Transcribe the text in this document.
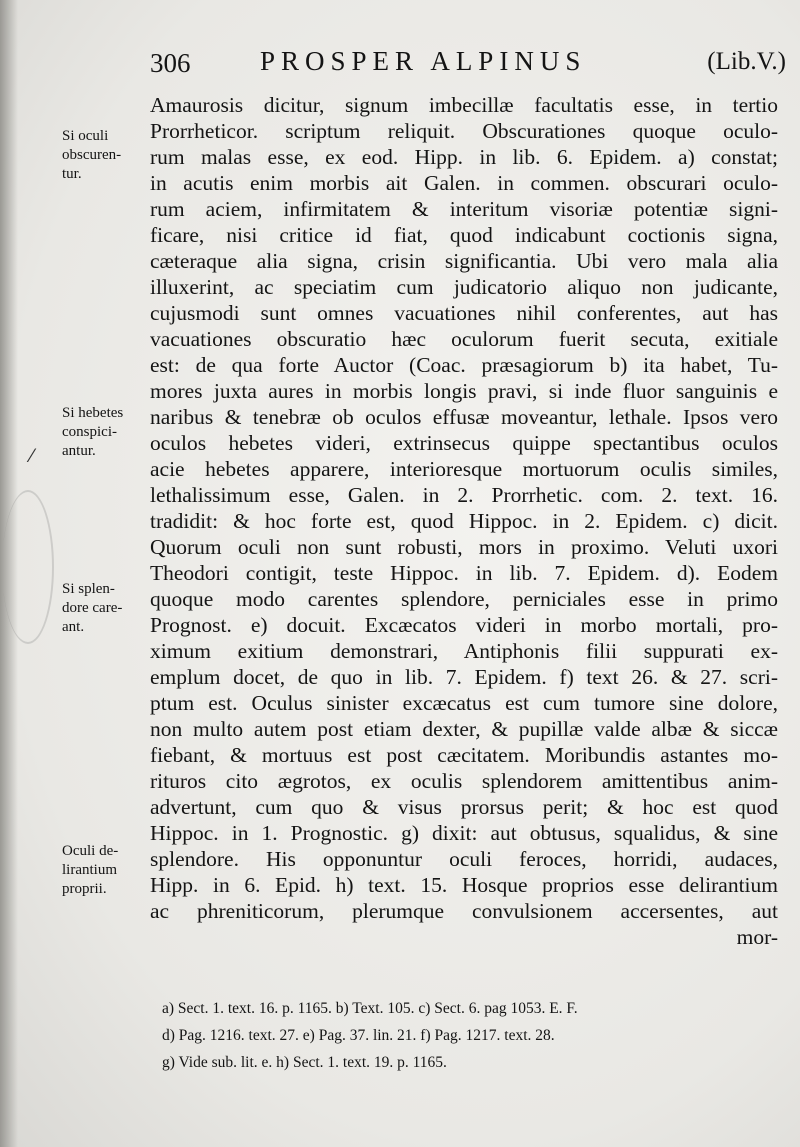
⁄
306	PROSPER ALPINUS	(Lib.V.)
Si oculi
obscuren-
tur.
Si hebetes
conspici-
antur.
Si splen-
dore care-
ant.
Oculi de-
lirantium
proprii.
Amaurosis dicitur, signum imbecillæ facultatis esse, in tertio
Prorrheticor. scriptum reliquit. Obscurationes quoque oculo-
rum malas esse, ex eod. Hipp. in lib. 6. Epidem. a) constat;
in acutis enim morbis ait Galen. in commen. obscurari oculo-
rum aciem, infirmitatem & interitum visoriæ potentiæ signi-
ficare, nisi critice id fiat, quod indicabunt coctionis signa,
cæteraque alia signa, crisin significantia. Ubi vero mala alia
illuxerint, ac speciatim cum judicatorio aliquo non judicante,
cujusmodi sunt omnes vacuationes nihil conferentes, aut has
vacuationes obscuratio hæc oculorum fuerit secuta, exitiale
est: de qua forte Auctor (Coac. præsagiorum b) ita habet, Tu-
mores juxta aures in morbis longis pravi, si inde fluor sanguinis e
naribus & tenebræ ob oculos effusæ moveantur, lethale. Ipsos vero
oculos hebetes videri, extrinsecus quippe spectantibus oculos
acie hebetes apparere, interioresque mortuorum oculis similes,
lethalissimum esse, Galen. in 2. Prorrhetic. com. 2. text. 16.
tradidit: & hoc forte est, quod Hippoc. in 2. Epidem. c) dicit.
Quorum oculi non sunt robusti, mors in proximo. Veluti uxori
Theodori contigit, teste Hippoc. in lib. 7. Epidem. d). Eodem
quoque modo carentes splendore, perniciales esse in primo
Prognost. e) docuit. Excæcatos videri in morbo mortali, pro-
ximum exitium demonstrari, Antiphonis filii suppurati ex-
emplum docet, de quo in lib. 7. Epidem. f) text 26. & 27. scri-
ptum est. Oculus sinister excæcatus est cum tumore sine dolore,
non multo autem post etiam dexter, & pupillæ valde albæ & siccæ
fiebant, & mortuus est post cæcitatem. Moribundis astantes mo-
rituros cito ægrotos, ex oculis splendorem amittentibus anim-
advertunt, cum quo & visus prorsus perit; & hoc est quod
Hippoc. in 1. Prognostic. g) dixit: aut obtusus, squalidus, & sine
splendore. His opponuntur oculi feroces, horridi, audaces,
Hipp. in 6. Epid. h) text. 15. Hosque proprios esse delirantium
ac phreniticorum, plerumque convulsionem accersentes, aut
mor-
a) Sect. 1. text. 16. p. 1165. b) Text. 105. c) Sect. 6. pag 1053. E. F.
d) Pag. 1216. text. 27. e) Pag. 37. lin. 21. f) Pag. 1217. text. 28.
g) Vide sub. lit. e. h) Sect. 1. text. 19. p. 1165.
